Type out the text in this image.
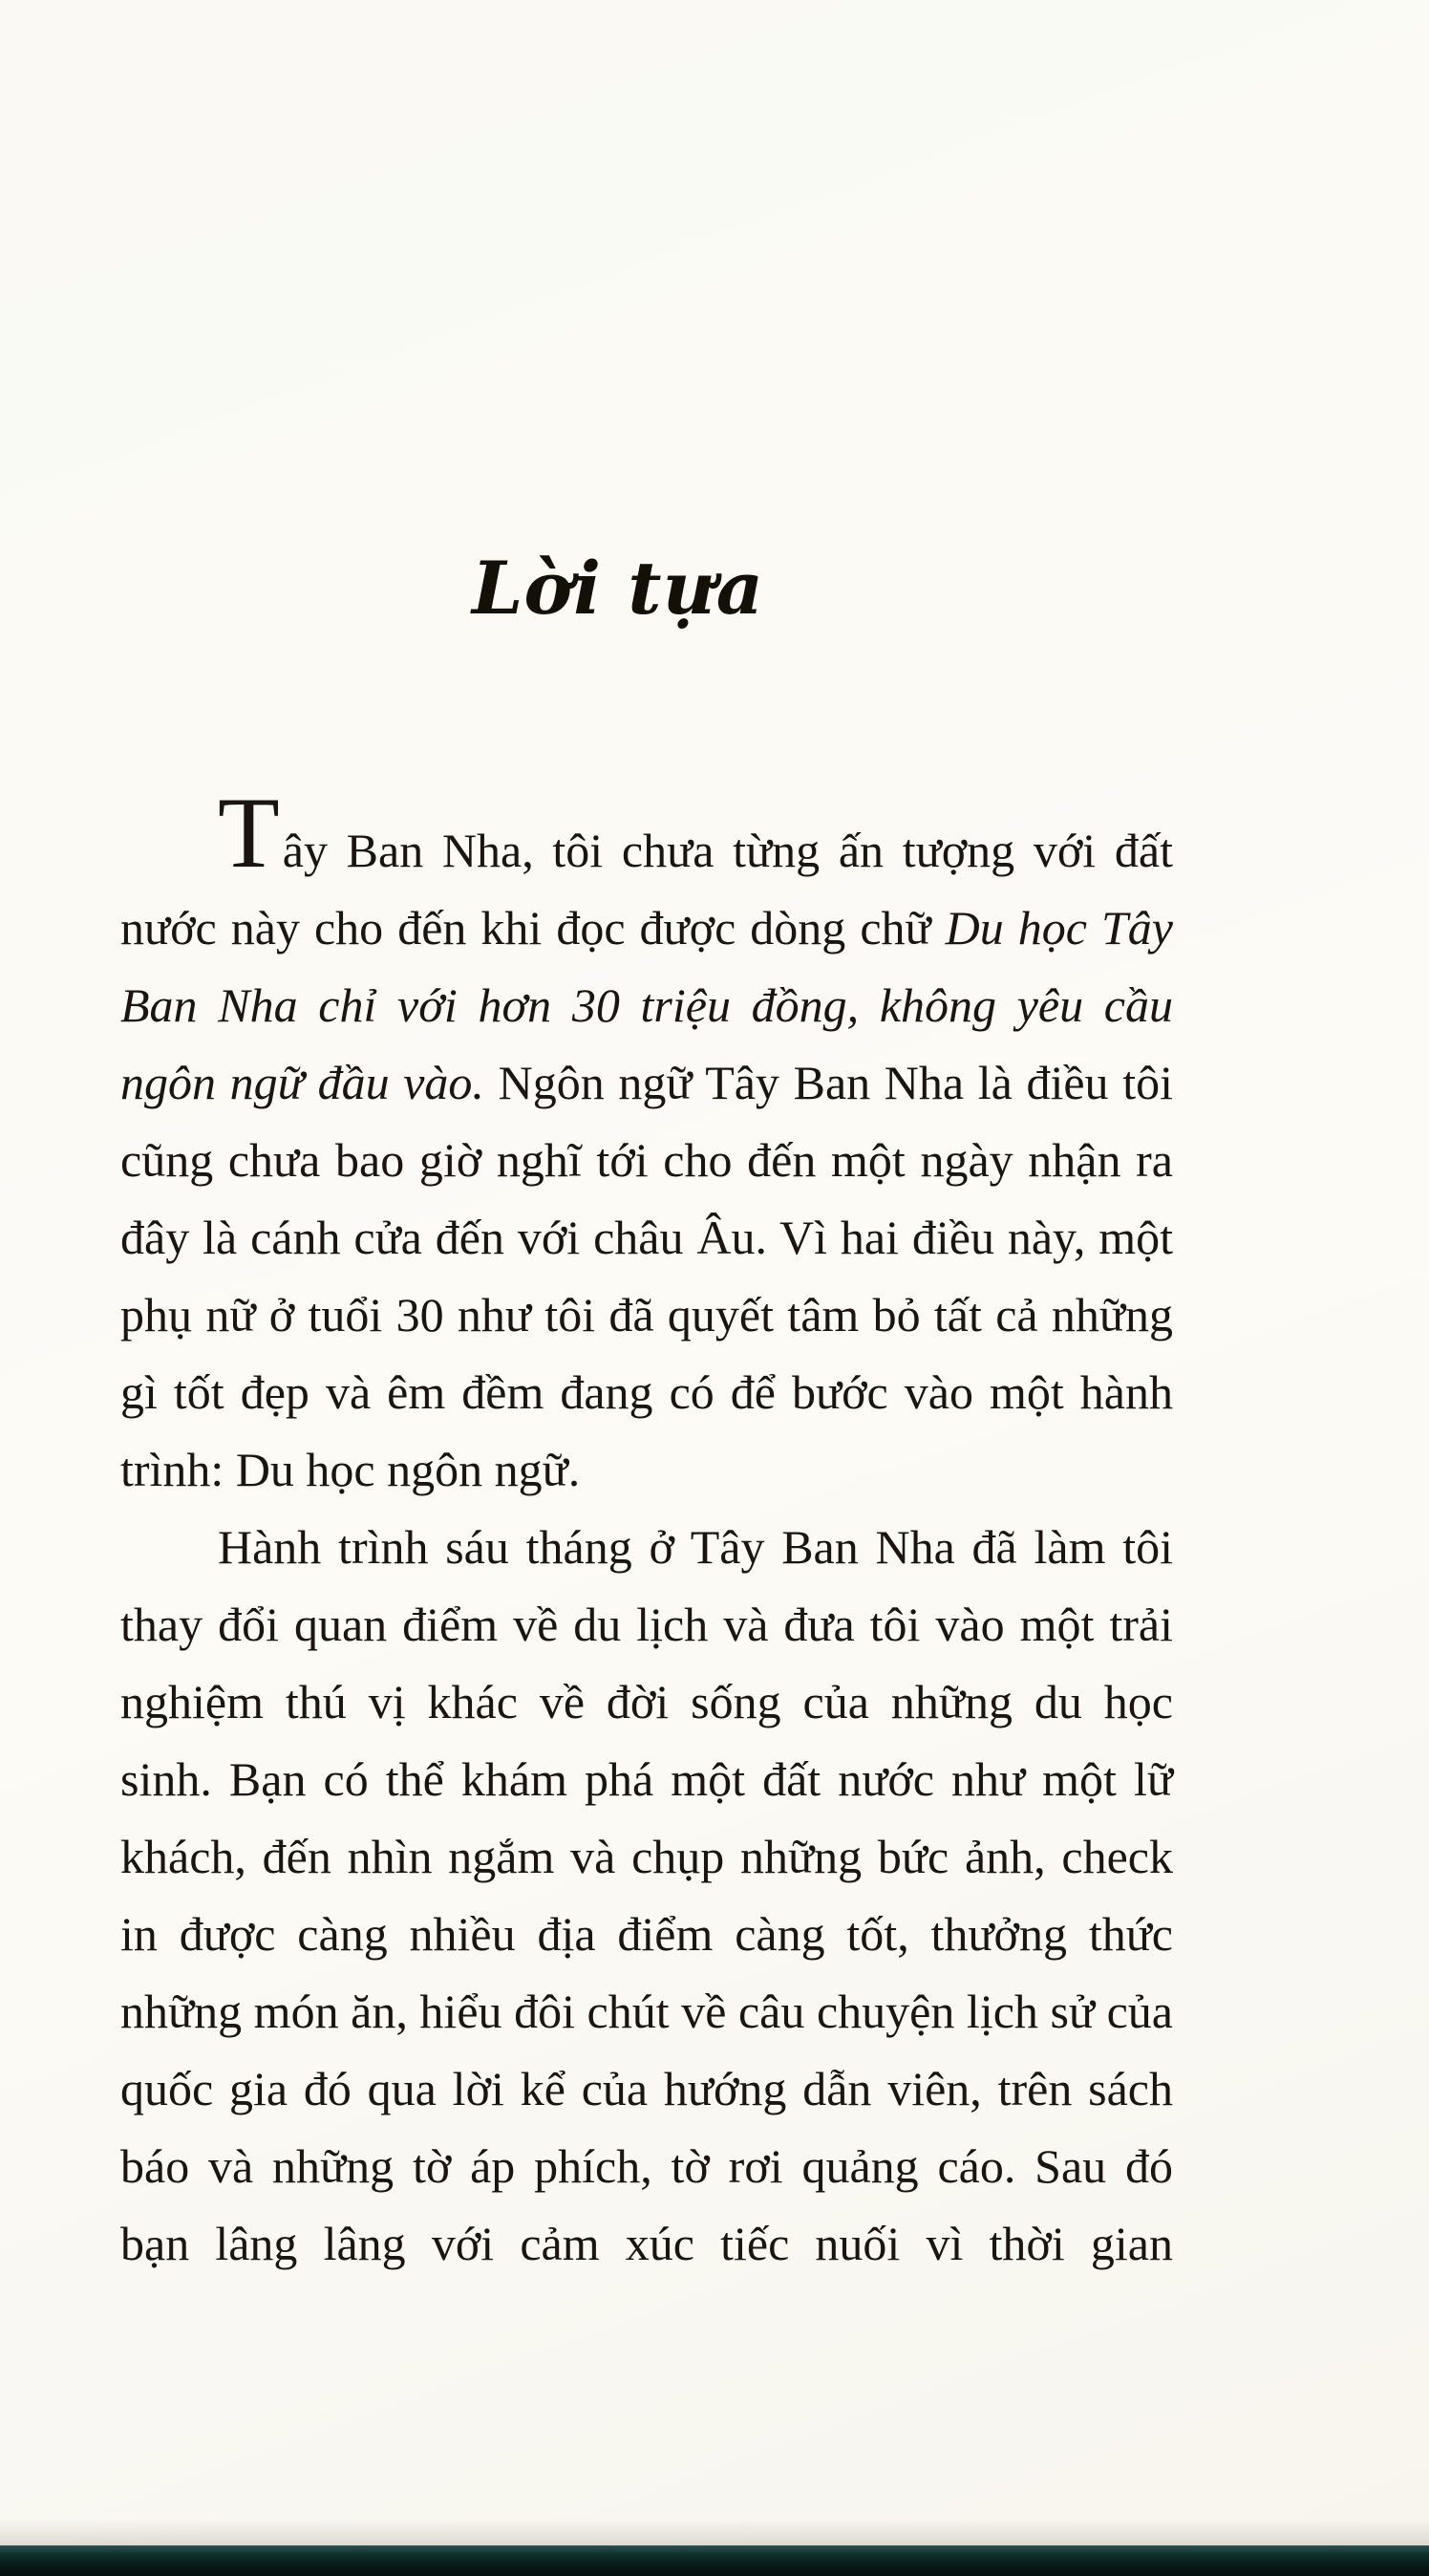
Lời tựa

Tây Ban Nha, tôi chưa từng ấn tượng với đất nước này cho đến khi đọc được dòng chữ Du học Tây Ban Nha chỉ với hơn 30 triệu đồng, không yêu cầu ngôn ngữ đầu vào. Ngôn ngữ Tây Ban Nha là điều tôi cũng chưa bao giờ nghĩ tới cho đến một ngày nhận ra đây là cánh cửa đến với châu Âu. Vì hai điều này, một phụ nữ ở tuổi 30 như tôi đã quyết tâm bỏ tất cả những gì tốt đẹp và êm đềm đang có để bước vào một hành trình: Du học ngôn ngữ.

Hành trình sáu tháng ở Tây Ban Nha đã làm tôi thay đổi quan điểm về du lịch và đưa tôi vào một trải nghiệm thú vị khác về đời sống của những du học sinh. Bạn có thể khám phá một đất nước như một lữ khách, đến nhìn ngắm và chụp những bức ảnh, check in được càng nhiều địa điểm càng tốt, thưởng thức những món ăn, hiểu đôi chút về câu chuyện lịch sử của quốc gia đó qua lời kể của hướng dẫn viên, trên sách báo và những tờ áp phích, tờ rơi quảng cáo. Sau đó bạn lâng lâng với cảm xúc tiếc nuối vì thời gian
